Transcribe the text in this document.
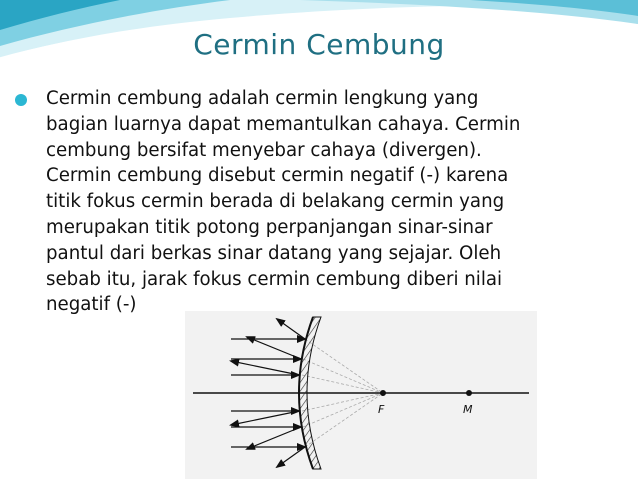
Cermin Cembung
Cermin cembung adalah cermin lengkung yang
bagian luarnya dapat memantulkan cahaya. Cermin
cembung bersifat menyebar cahaya (divergen).
Cermin cembung disebut cermin negatif (-) karena
titik fokus cermin berada di belakang cermin yang
merupakan titik potong perpanjangan sinar-sinar
pantul dari berkas sinar datang yang sejajar. Oleh
sebab itu, jarak fokus cermin cembung diberi nilai
negatif (-)
F	M
